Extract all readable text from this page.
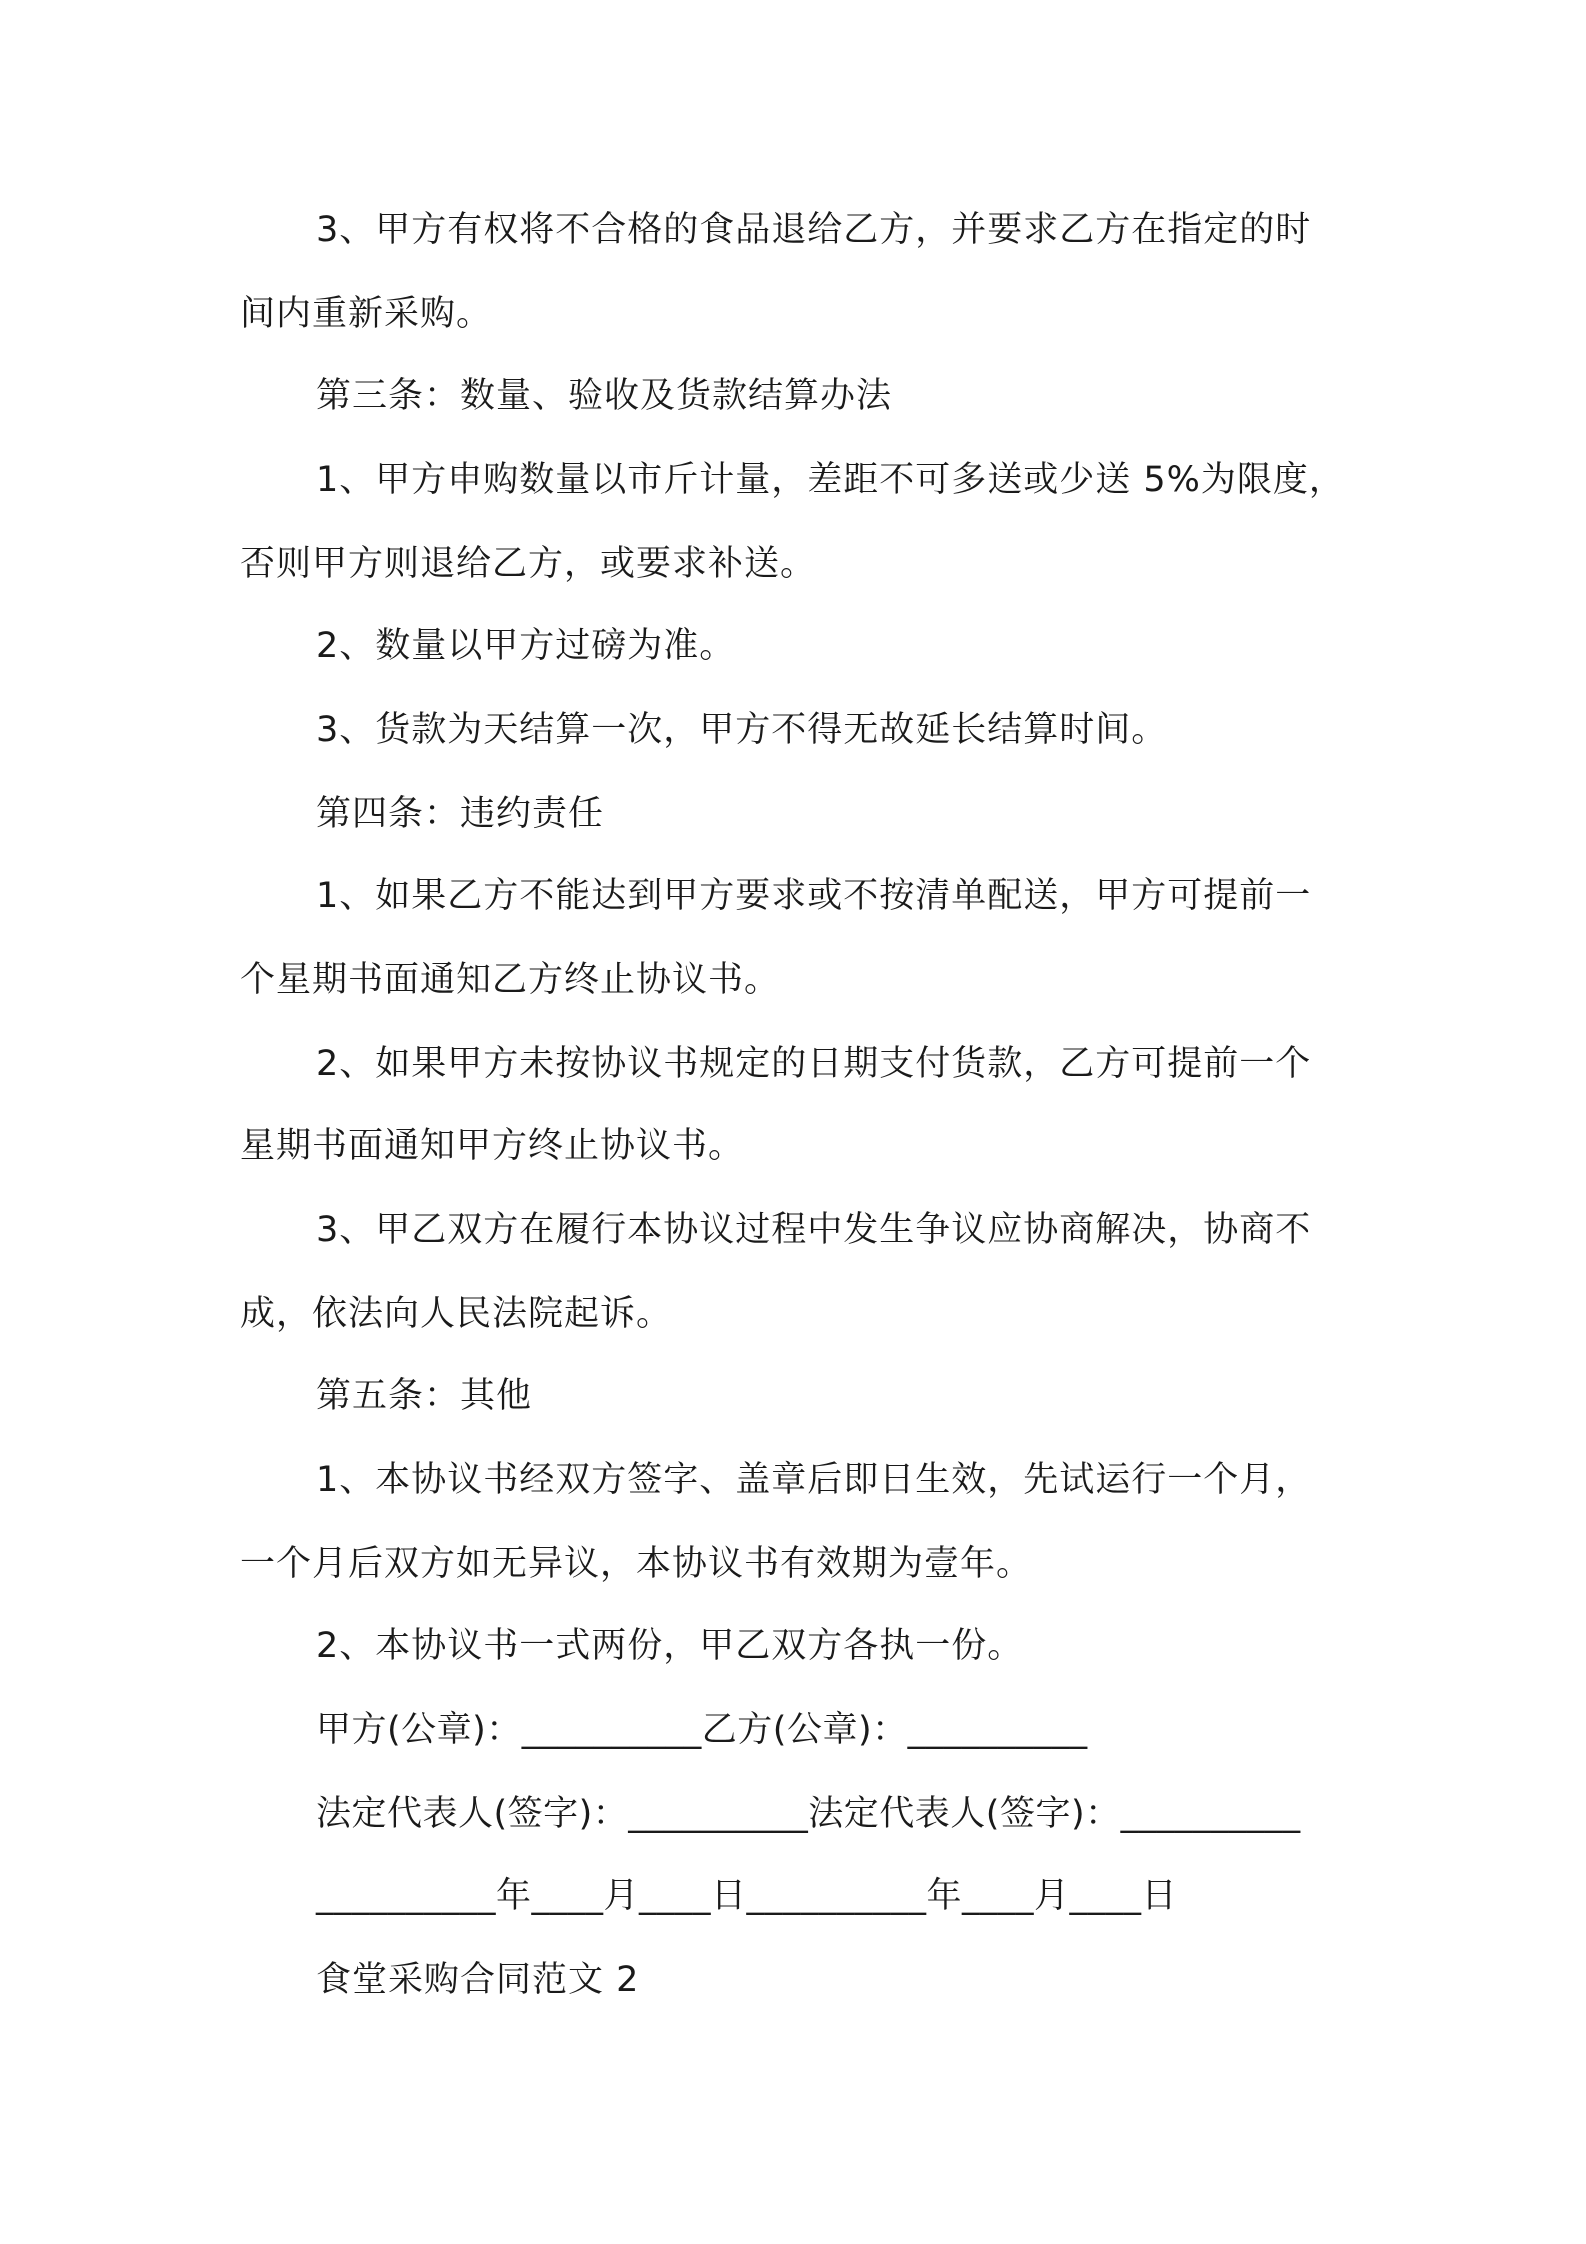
3、甲方有权将不合格的食品退给乙方，并要求乙方在指定的时
间内重新采购。
第三条：数量、验收及货款结算办法
1、甲方申购数量以市斤计量，差距不可多送或少送 5%为限度，
否则甲方则退给乙方，或要求补送。
2、数量以甲方过磅为准。
3、货款为天结算一次，甲方不得无故延长结算时间。
第四条：违约责任
1、如果乙方不能达到甲方要求或不按清单配送，甲方可提前一
个星期书面通知乙方终止协议书。
2、如果甲方未按协议书规定的日期支付货款，乙方可提前一个
星期书面通知甲方终止协议书。
3、甲乙双方在履行本协议过程中发生争议应协商解决，协商不
成，依法向人民法院起诉。
第五条：其他
1、本协议书经双方签字、盖章后即日生效，先试运行一个月，
一个月后双方如无异议，本协议书有效期为壹年。
2、本协议书一式两份，甲乙双方各执一份。
甲方(公章)：__________乙方(公章)：__________
法定代表人(签字)：__________法定代表人(签字)：__________
__________年____月____日__________年____月____日
食堂采购合同范文 2
